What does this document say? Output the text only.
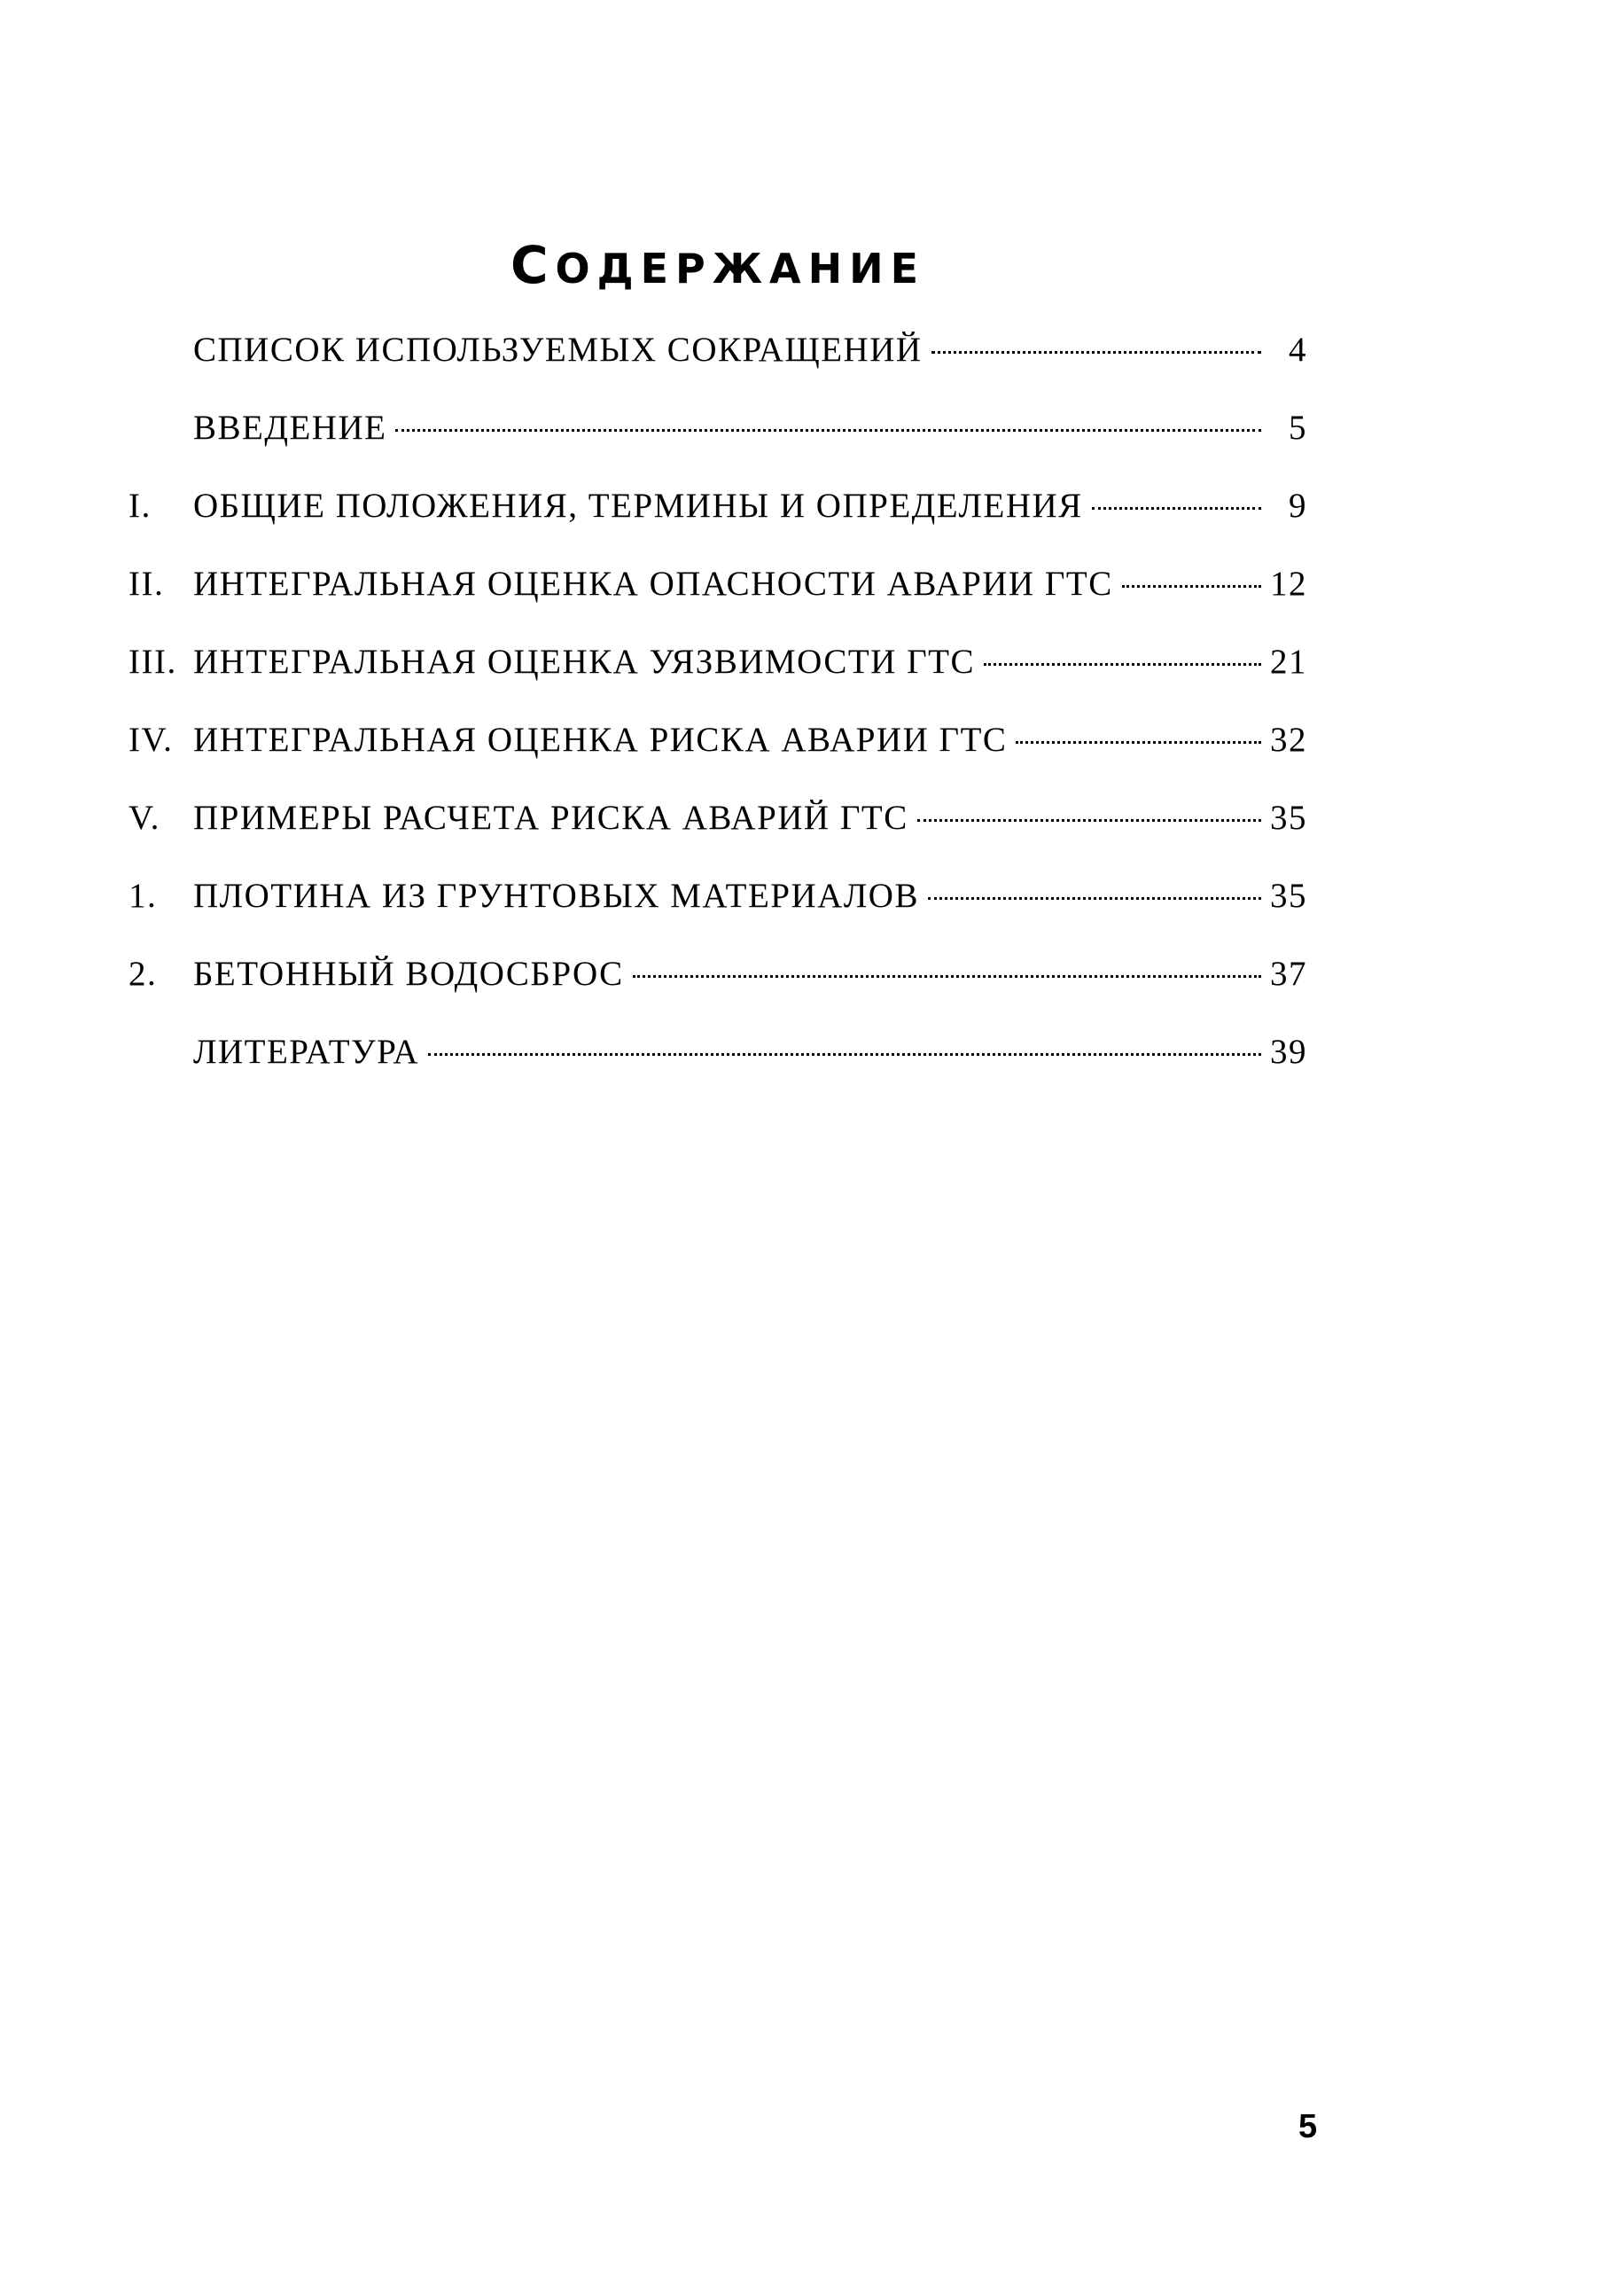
СОДЕРЖАНИЕ
СПИСОК ИСПОЛЬЗУЕМЫХ СОКРАЩЕНИЙ	4
ВВЕДЕНИЕ	5
I.	ОБЩИЕ ПОЛОЖЕНИЯ, ТЕРМИНЫ И ОПРЕДЕЛЕНИЯ	9
II. ИНТЕГРАЛЬНАЯ ОЦЕНКА ОПАСНОСТИ АВАРИИ ГТС	12
III. ИНТЕГРАЛЬНАЯ ОЦЕНКА УЯЗВИМОСТИ ГТС	21
IV. ИНТЕГРАЛЬНАЯ ОЦЕНКА РИСКА АВАРИИ ГТС	32
V. ПРИМЕРЫ РАСЧЕТА РИСКА АВАРИЙ ГТС	35
1.	ПЛОТИНА ИЗ ГРУНТОВЫХ МАТЕРИАЛОВ	35
2.	БЕТОННЫЙ ВОДОСБРОС	37
ЛИТЕРАТУРА	39
5
